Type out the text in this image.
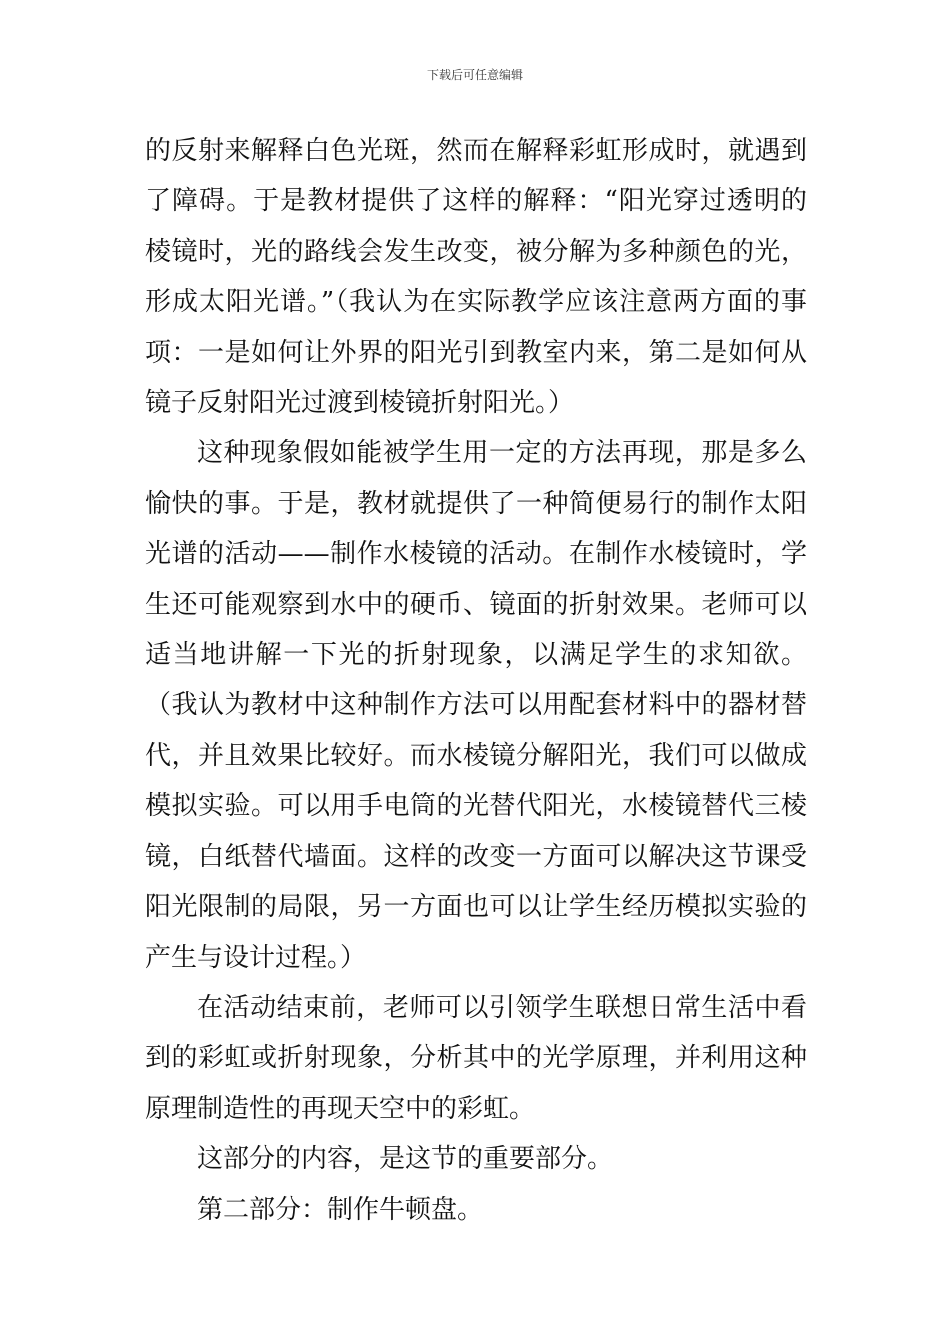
下载后可任意编辑

的反射来解释白色光斑，然而在解释彩虹形成时，就遇到了障碍。于是教材提供了这样的解释：“阳光穿过透明的棱镜时，光的路线会发生改变，被分解为多种颜色的光，形成太阳光谱。”（我认为在实际教学应该注意两方面的事项：一是如何让外界的阳光引到教室内来，第二是如何从镜子反射阳光过渡到棱镜折射阳光。）

这种现象假如能被学生用一定的方法再现，那是多么愉快的事。于是，教材就提供了一种简便易行的制作太阳光谱的活动——制作水棱镜的活动。在制作水棱镜时，学生还可能观察到水中的硬币、镜面的折射效果。老师可以适当地讲解一下光的折射现象，以满足学生的求知欲。（我认为教材中这种制作方法可以用配套材料中的器材替代，并且效果比较好。而水棱镜分解阳光，我们可以做成模拟实验。可以用手电筒的光替代阳光，水棱镜替代三棱镜，白纸替代墙面。这样的改变一方面可以解决这节课受阳光限制的局限，另一方面也可以让学生经历模拟实验的产生与设计过程。）

在活动结束前，老师可以引领学生联想日常生活中看到的彩虹或折射现象，分析其中的光学原理，并利用这种原理制造性的再现天空中的彩虹。

这部分的内容，是这节的重要部分。

第二部分：制作牛顿盘。
